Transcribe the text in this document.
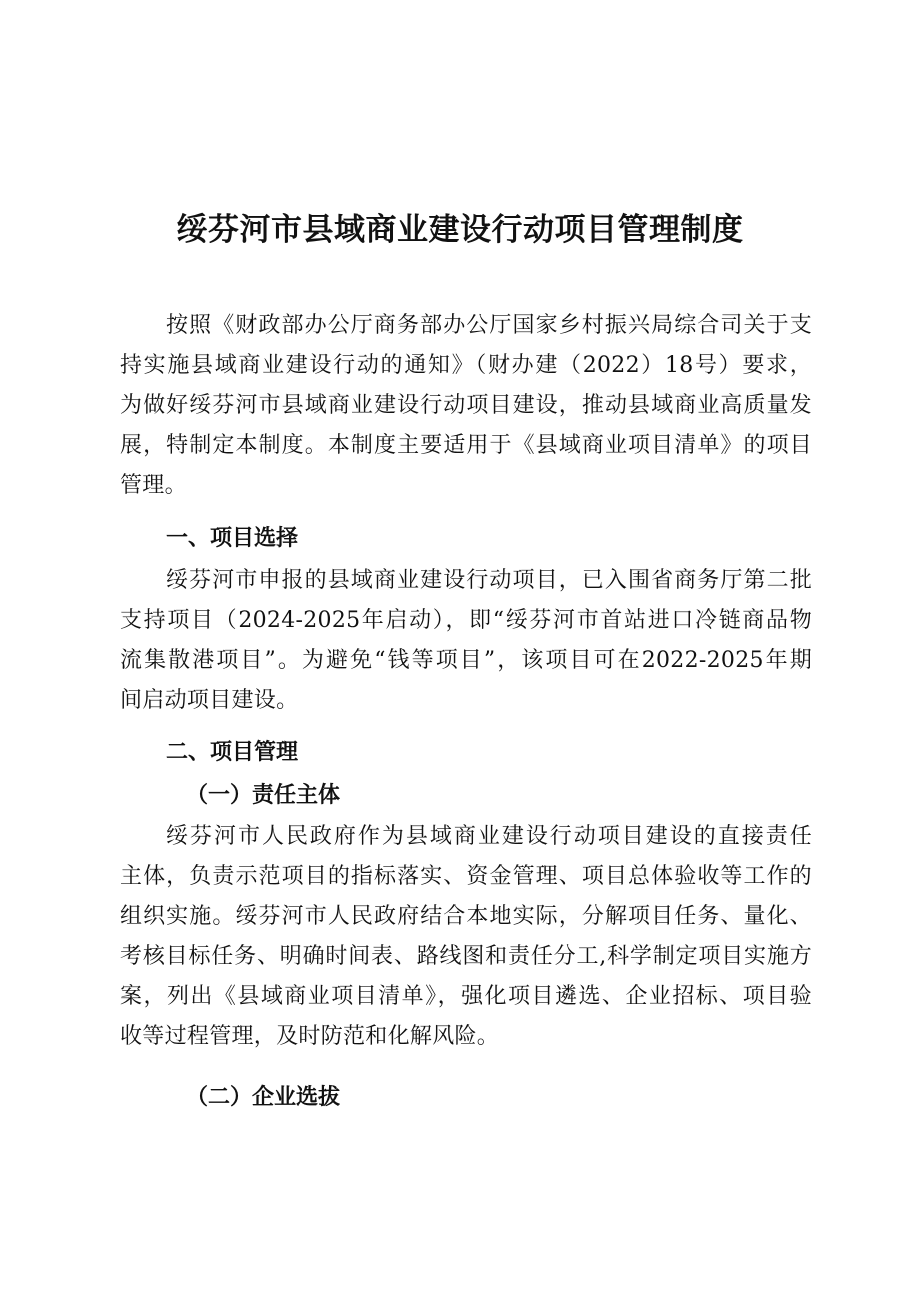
绥芬河市县域商业建设行动项目管理制度
按照《财政部办公厅商务部办公厅国家乡村振兴局综合司关于支
持实施县域商业建设行动的通知》（财办建（2022）18号）要求，
为做好绥芬河市县域商业建设行动项目建设，推动县域商业高质量发
展，特制定本制度。本制度主要适用于《县域商业项目清单》的项目
管理。
一、项目选择
绥芬河市申报的县域商业建设行动项目，已入围省商务厅第二批
支持项目（2024-2025年启动），即“绥芬河市首站进口冷链商品物
流集散港项目”。为避免“钱等项目”，该项目可在2022-2025年期
间启动项目建设。
二、项目管理
（一）责任主体
绥芬河市人民政府作为县域商业建设行动项目建设的直接责任
主体，负责示范项目的指标落实、资金管理、项目总体验收等工作的
组织实施。绥芬河市人民政府结合本地实际，分解项目任务、量化、
考核目标任务、明确时间表、路线图和责任分工,科学制定项目实施方
案，列出《县域商业项目清单》，强化项目遴选、企业招标、项目验
收等过程管理，及时防范和化解风险。
（二）企业选拔
